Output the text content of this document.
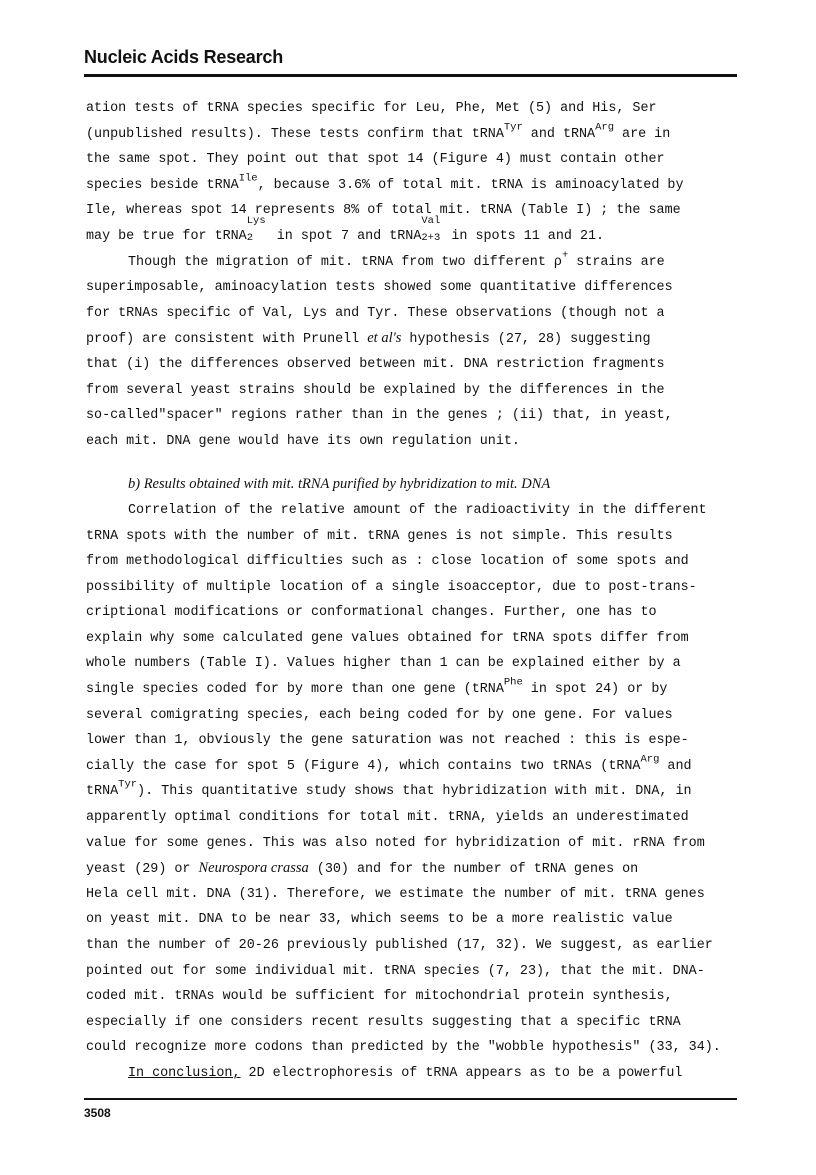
Nucleic Acids Research
ation tests of tRNA species specific for Leu, Phe, Met (5) and His, Ser
(unpublished results). These tests confirm that tRNA$^{Tyr}$ and tRNA$^{Arg}$ are in
the same spot. They point out that spot 14 (Figure 4) must contain other
species beside tRNA$^{Ile}$, because 3.6% of total mit. tRNA is aminoacylated by
Ile, whereas spot 14 represents 8% of total mit. tRNA (Table I) ; the same
may be true for tRNA
Lys
2 in spot 7 and tRNA
Val
2+3 in spots 11 and 21.
Though the migration of mit. tRNA from two different ρ+ strains are
superimposable, aminoacylation tests showed some quantitative differences
for tRNAs specific of Val, Lys and Tyr. These observations (though not a
proof) are consistent with Prunell et al's hypothesis (27, 28) suggesting
that (i) the differences observed between mit. DNA restriction fragments
from several yeast strains should be explained by the differences in the
so-called"spacer" regions rather than in the genes ; (ii) that, in yeast,
each mit. DNA gene would have its own regulation unit.
b) Results obtained with mit. tRNA purified by hybridization to mit. DNA
Correlation of the relative amount of the radioactivity in the different
tRNA spots with the number of mit. tRNA genes is not simple. This results
from methodological difficulties such as : close location of some spots and
possibility of multiple location of a single isoacceptor, due to post-trans-
criptional modifications or conformational changes. Further, one has to
explain why some calculated gene values obtained for tRNA spots differ from
whole numbers (Table I). Values higher than 1 can be explained either by a
single species coded for by more than one gene (tRNA$^{Phe}$ in spot 24) or by
several comigrating species, each being coded for by one gene. For values
lower than 1, obviously the gene saturation was not reached : this is espe-
cially the case for spot 5 (Figure 4), which contains two tRNAs (tRNA$^{Arg}$ and
tRNA$^{Tyr}$). This quantitative study shows that hybridization with mit. DNA, in
apparently optimal conditions for total mit. tRNA, yields an underestimated
value for some genes. This was also noted for hybridization of mit. rRNA from
yeast (29) or Neurospora crassa (30) and for the number of tRNA genes on
Hela cell mit. DNA (31). Therefore, we estimate the number of mit. tRNA genes
on yeast mit. DNA to be near 33, which seems to be a more realistic value
than the number of 20-26 previously published (17, 32). We suggest, as earlier
pointed out for some individual mit. tRNA species (7, 23), that the mit. DNA-
coded mit. tRNAs would be sufficient for mitochondrial protein synthesis,
especially if one considers recent results suggesting that a specific tRNA
could recognize more codons than predicted by the "wobble hypothesis" (33, 34).
In conclusion, 2D electrophoresis of tRNA appears as to be a powerful
3508
